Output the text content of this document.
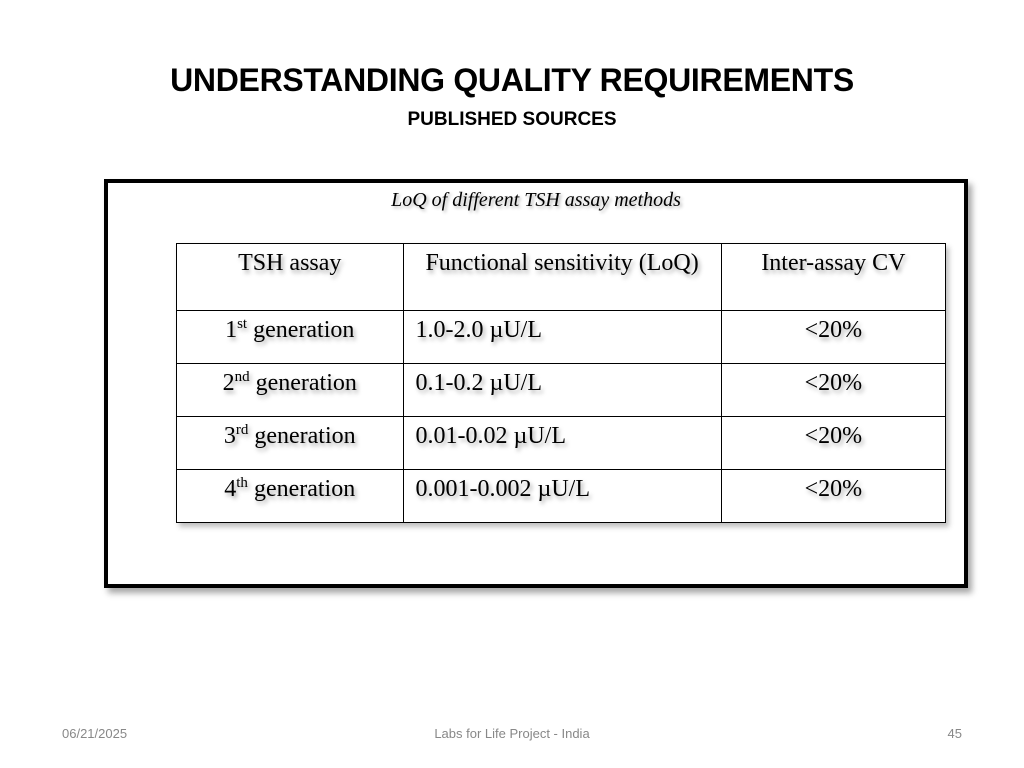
UNDERSTANDING QUALITY REQUIREMENTS
PUBLISHED SOURCES
LoQ of different TSH assay methods
TSH assay	Functional sensitivity (LoQ)	Inter-assay CV
1st generation	1.0-2.0 µU/L	<20%
2nd generation	0.1-0.2 µU/L	<20%
3rd generation	0.01-0.02 µU/L	<20%
4th generation	0.001-0.002 µU/L	<20%
06/21/2025	Labs for Life Project - India	45
